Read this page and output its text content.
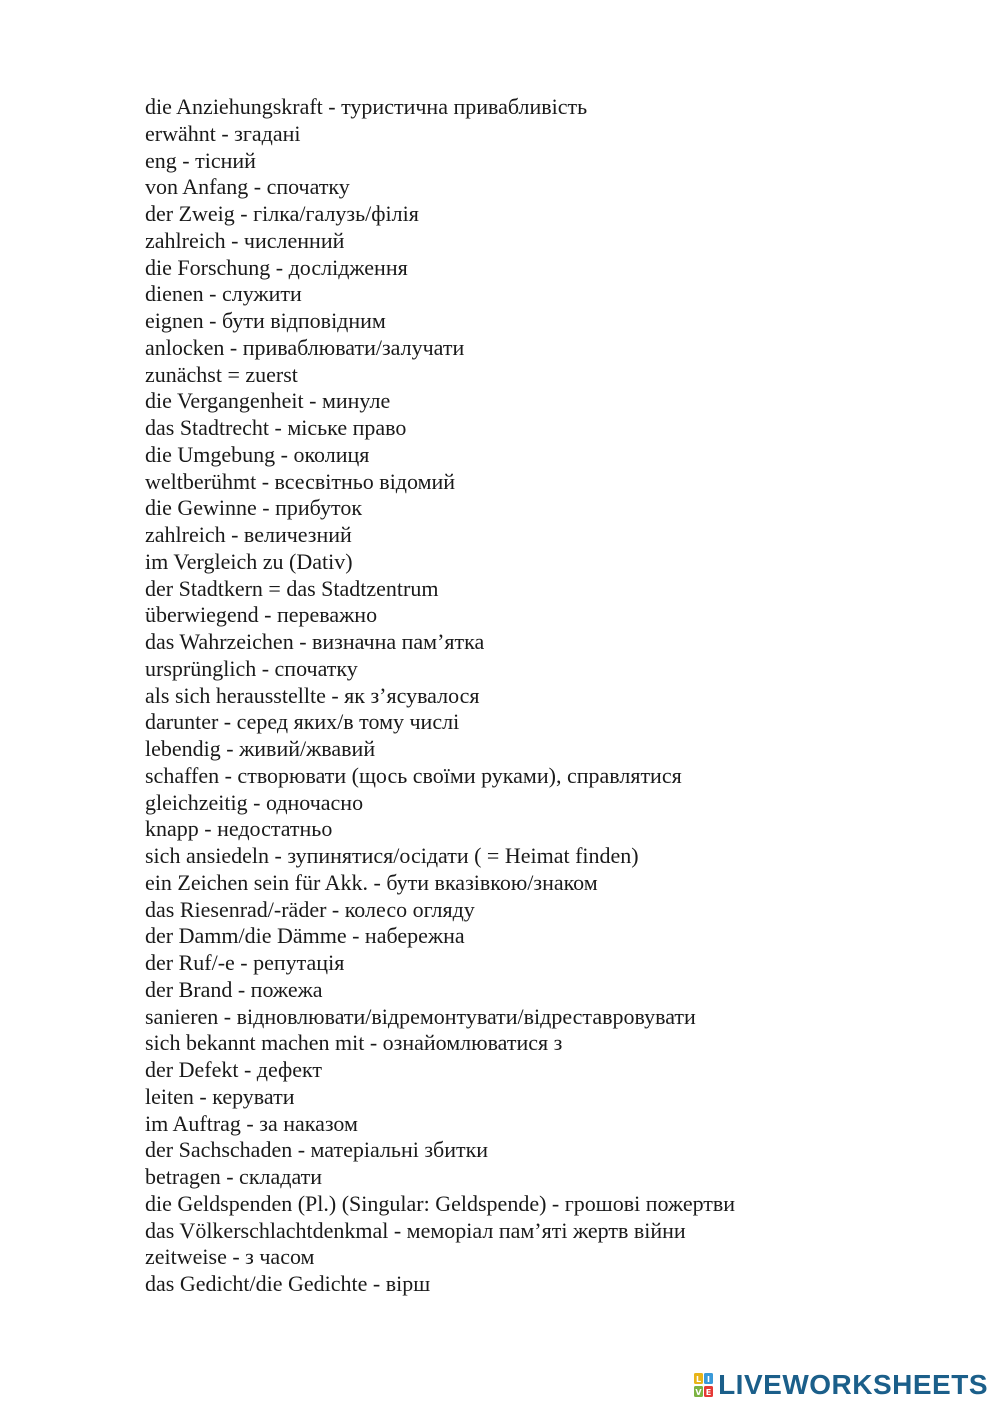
die Anziehungskraft - туристична привабливість
erwähnt - згадані
eng - тісний
von Anfang - спочатку
der Zweig - гілка/галузь/філія
zahlreich - численний
die Forschung - дослідження
dienen - служити
eignen - бути відповідним
anlocken - приваблювати/залучати
zunächst = zuerst
die Vergangenheit - минуле
das Stadtrecht - міське право
die Umgebung - околиця
weltberühmt - всесвітньо відомий
die Gewinne - прибуток
zahlreich - величезний
im Vergleich zu (Dativ)
der Stadtkern = das Stadtzentrum
überwiegend - переважно
das Wahrzeichen - визначна пам’ятка
ursprünglich - спочатку
als sich herausstellte - як з’ясувалося
darunter - серед яких/в тому числі
lebendig - живий/жвавий
schaffen - створювати (щось своїми руками), справлятися
gleichzeitig - одночасно
knapp - недостатньо
sich ansiedeln - зупинятися/осідати ( = Heimat finden)
ein Zeichen sein für Akk. - бути вказівкою/знаком
das Riesenrad/-räder - колесо огляду
der Damm/die Dämme - набережна
der Ruf/-e - репутація
der Brand - пожежа
sanieren - відновлювати/відремонтувати/відреставровувати
sich bekannt machen mit - ознайомлюватися з
der Defekt - дефект
leiten - керувати
im Auftrag - за наказом
der Sachschaden - матеріальні збитки
betragen - складати
die Geldspenden (Pl.) (Singular: Geldspende) - грошові пожертви
das Völkerschlachtdenkmal - меморіал пам’яті жертв війни
zeitweise - з часом
das Gedicht/die Gedichte - вірш
L I
V E LIVEWORKSHEETS
